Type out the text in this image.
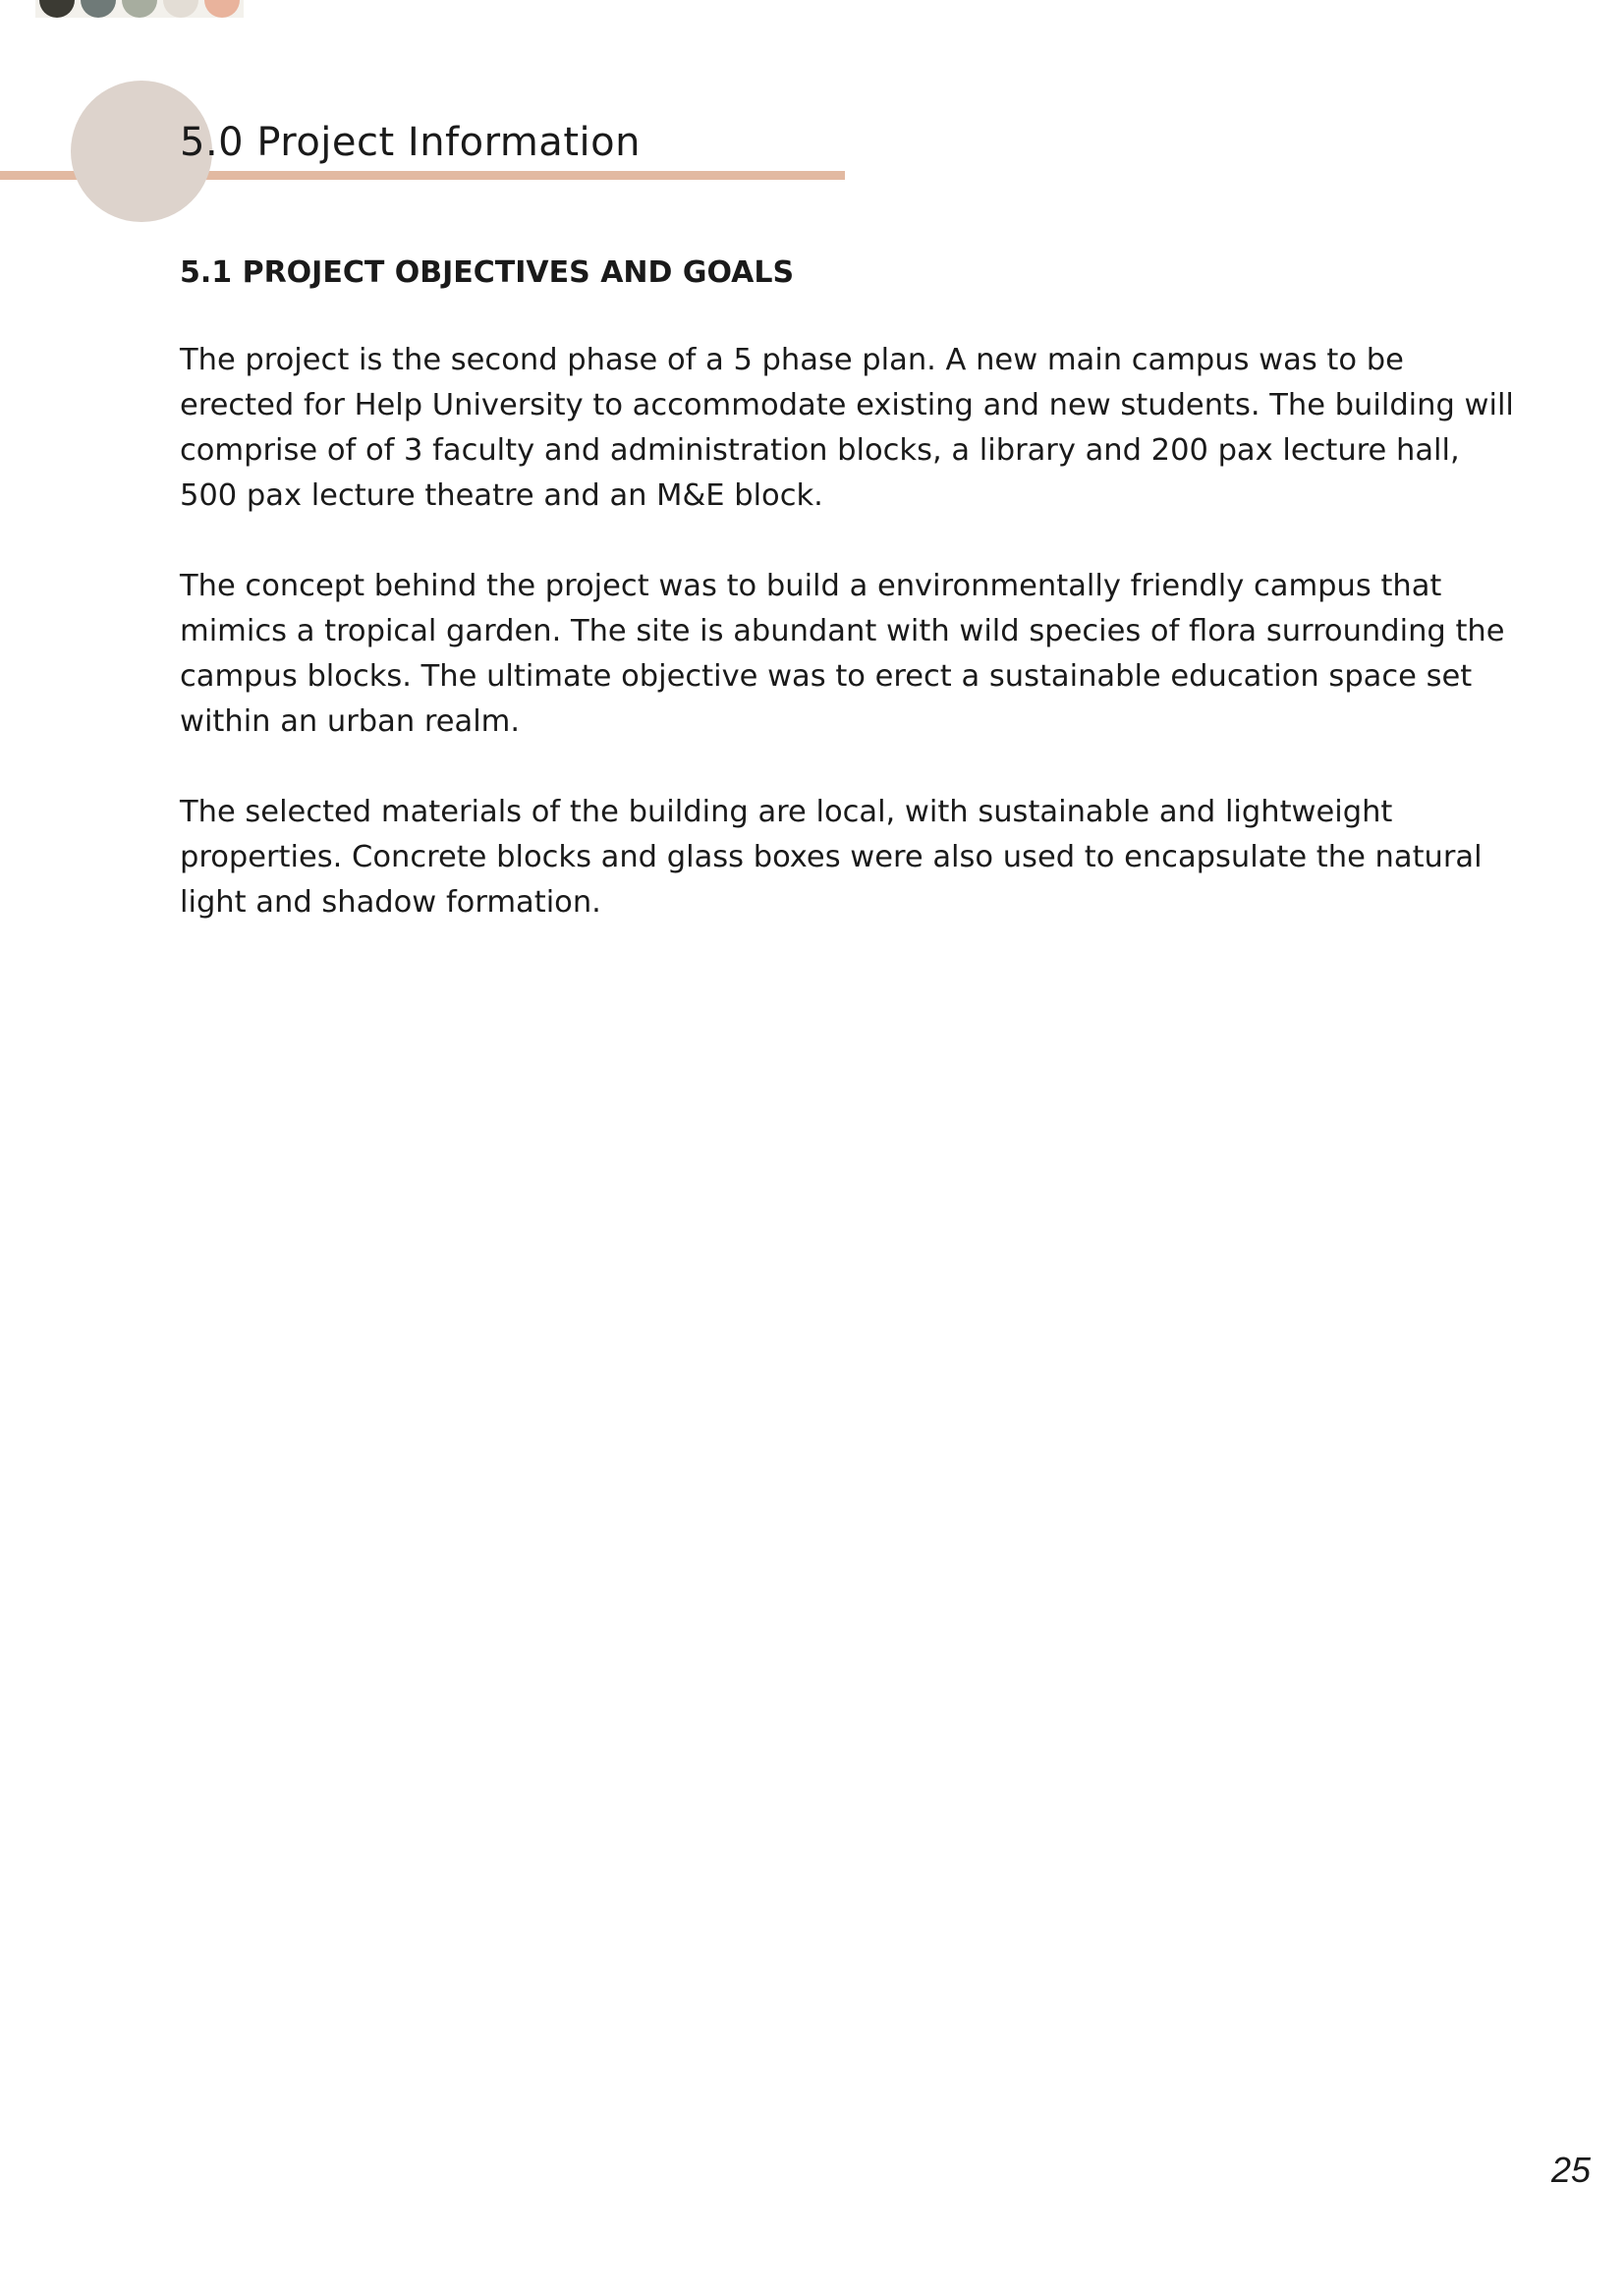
5.0 Project Information
5.1 PROJECT OBJECTIVES AND GOALS

The project is the second phase of a 5 phase plan. A new main campus was to be
erected for Help University to accommodate existing and new students. The building will
comprise of of 3 faculty and administration blocks, a library and 200 pax lecture hall,
500 pax lecture theatre and an M&E block.

The concept behind the project was to build a environmentally friendly campus that
mimics a tropical garden. The site is abundant with wild species of flora surrounding the
campus blocks. The ultimate objective was to erect a sustainable education space set
within an urban realm.

The selected materials of the building are local, with sustainable and lightweight
properties. Concrete blocks and glass boxes were also used to encapsulate the natural
light and shadow formation.

25
